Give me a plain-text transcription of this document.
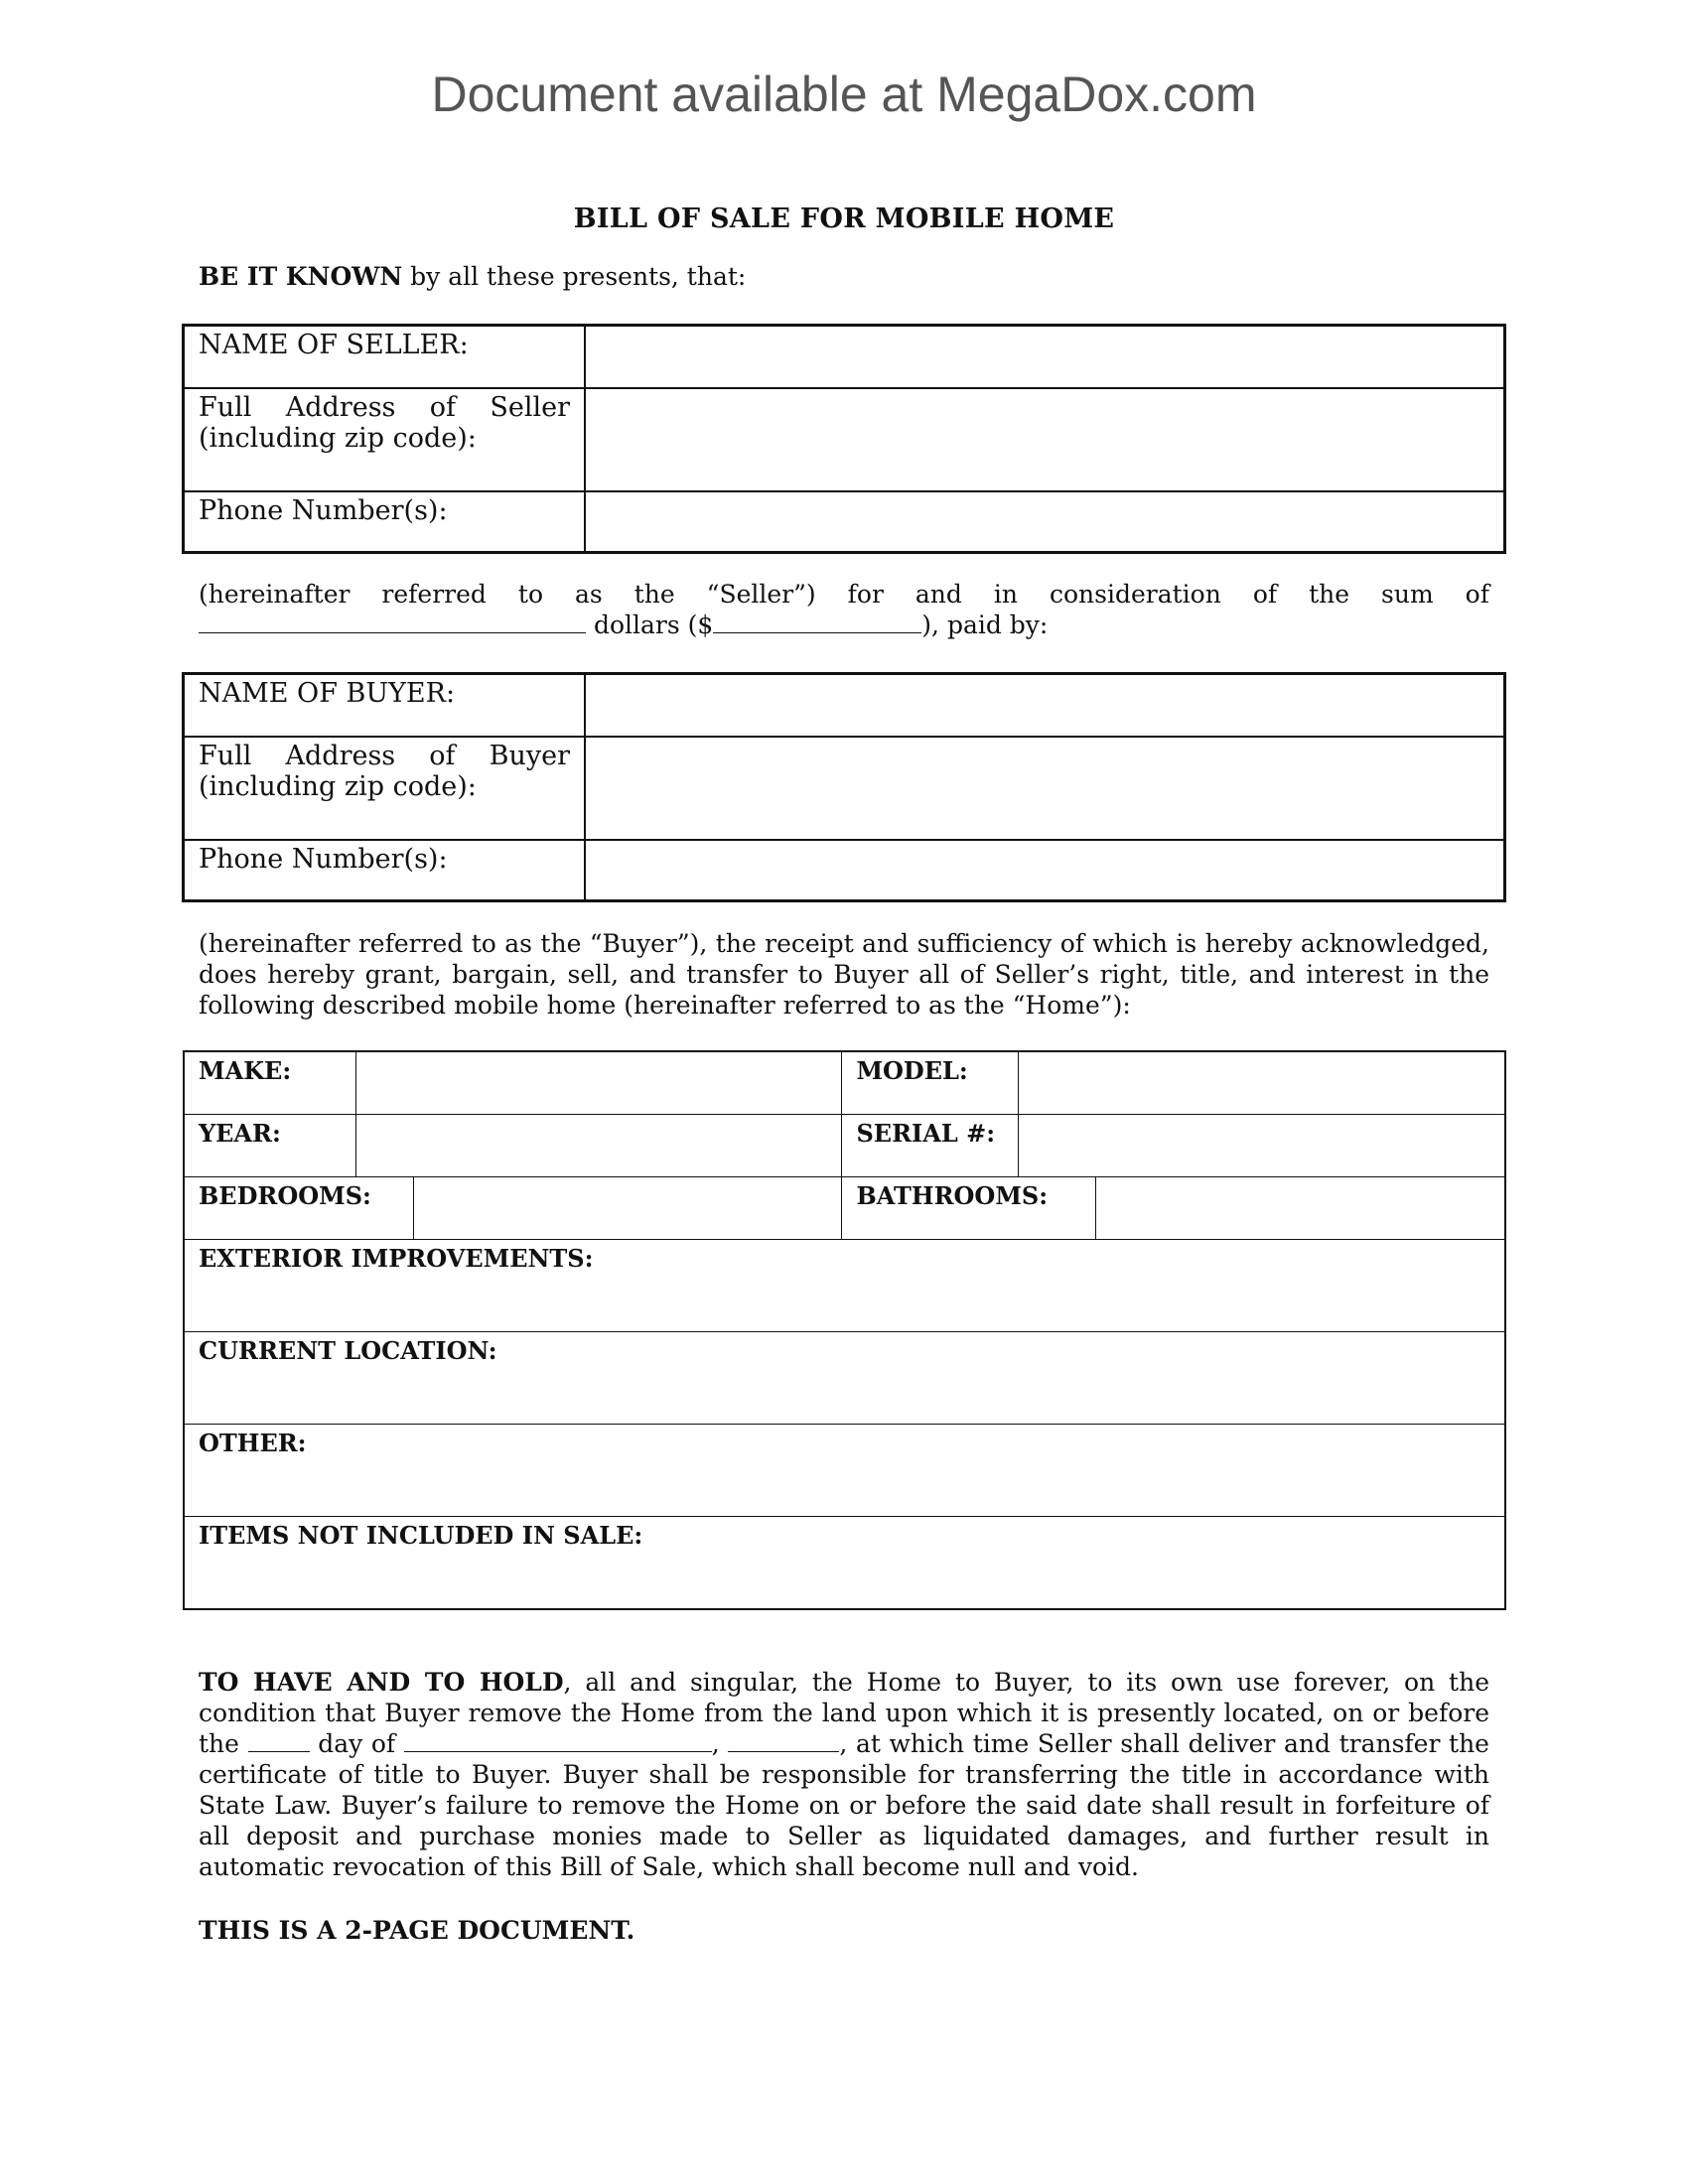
Document available at MegaDox.com
BILL OF SALE FOR MOBILE HOME

BE IT KNOWN by all these presents, that:

NAME OF SELLER:	
Full Address of Seller (including zip code):	
Phone Number(s):	
(hereinafter referred to as the “Seller”) for and in consideration of the sum of
dollars ($	), paid by:
NAME OF BUYER:	
Full Address of Buyer (including zip code):	
Phone Number(s):	

(hereinafter referred to as the “Buyer”), the receipt and sufficiency of which is hereby acknowledged, does hereby grant, bargain, sell, and transfer to Buyer all of Seller’s right, title, and interest in the following described mobile home (hereinafter referred to as the “Home”):

MAKE:			MODEL:		
YEAR:			SERIAL #:		
BEDROOMS:			BATHROOMS:		
EXTERIOR IMPROVEMENTS:					
CURRENT LOCATION:					
OTHER:					
ITEMS NOT INCLUDED IN SALE:					

TO HAVE AND TO HOLD, all and singular, the Home to Buyer, to its own use forever, on the condition that Buyer remove the Home from the land upon which it is presently located, on or before the  day of	,	, at which time Seller shall deliver and transfer the certificate of title to Buyer. Buyer shall be responsible for transferring the title in accordance with State Law. Buyer’s failure to remove the Home on or before the said date shall result in forfeiture of all deposit and purchase monies made to Seller as liquidated damages, and further result in automatic revocation of this Bill of Sale, which shall become null and void.

THIS IS A 2-PAGE DOCUMENT.
